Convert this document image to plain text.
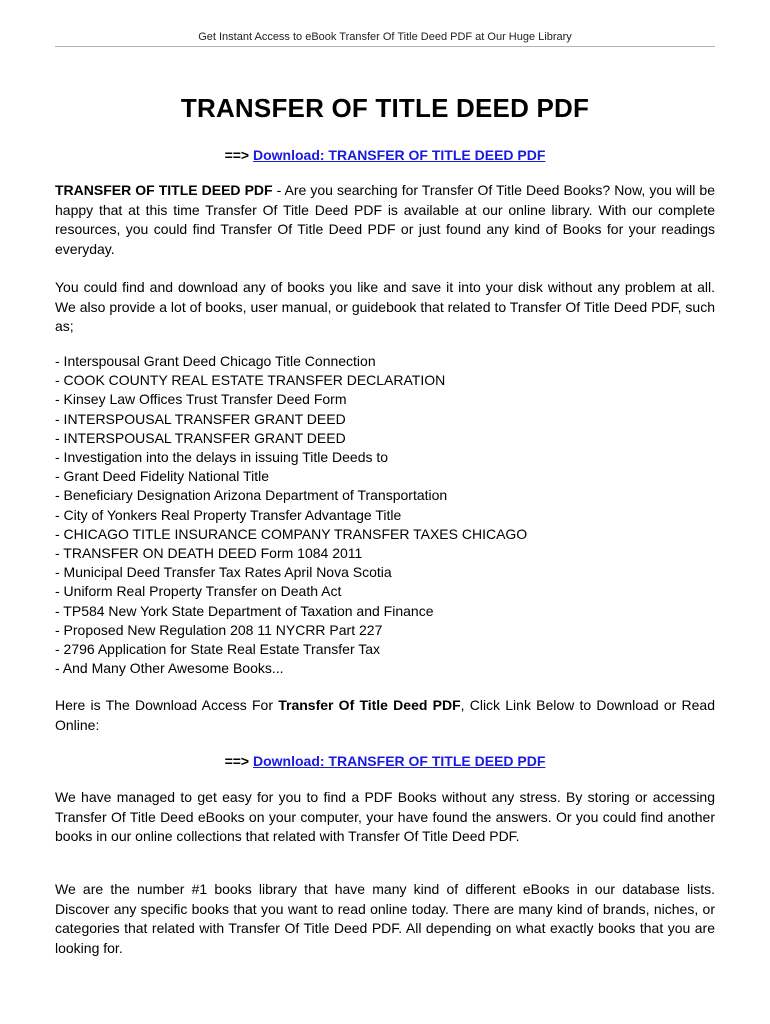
Get Instant Access to eBook Transfer Of Title Deed PDF at Our Huge Library
TRANSFER OF TITLE DEED PDF
==> Download: TRANSFER OF TITLE DEED PDF
TRANSFER OF TITLE DEED PDF - Are you searching for Transfer Of Title Deed Books? Now, you will be happy that at this time Transfer Of Title Deed PDF is available at our online library. With our complete resources, you could find Transfer Of Title Deed PDF or just found any kind of Books for your readings everyday.
You could find and download any of books you like and save it into your disk without any problem at all. We also provide a lot of books, user manual, or guidebook that related to Transfer Of Title Deed PDF, such as;
- Interspousal Grant Deed Chicago Title Connection
- COOK COUNTY REAL ESTATE TRANSFER DECLARATION
- Kinsey Law Offices Trust Transfer Deed Form
- INTERSPOUSAL TRANSFER GRANT DEED
- INTERSPOUSAL TRANSFER GRANT DEED
- Investigation into the delays in issuing Title Deeds to
- Grant Deed Fidelity National Title
- Beneficiary Designation Arizona Department of Transportation
- City of Yonkers Real Property Transfer Advantage Title
- CHICAGO TITLE INSURANCE COMPANY TRANSFER TAXES CHICAGO
- TRANSFER ON DEATH DEED Form 1084 2011
- Municipal Deed Transfer Tax Rates April Nova Scotia
- Uniform Real Property Transfer on Death Act
- TP584 New York State Department of Taxation and Finance
- Proposed New Regulation 208 11 NYCRR Part 227
- 2796 Application for State Real Estate Transfer Tax
- And Many Other Awesome Books...
Here is The Download Access For Transfer Of Title Deed PDF, Click Link Below to Download or Read Online:
==> Download: TRANSFER OF TITLE DEED PDF
We have managed to get easy for you to find a PDF Books without any stress. By storing or accessing Transfer Of Title Deed eBooks on your computer, your have found the answers. Or you could find another books in our online collections that related with Transfer Of Title Deed PDF.
We are the number #1 books library that have many kind of different eBooks in our database lists. Discover any specific books that you want to read online today. There are many kind of brands, niches, or categories that related with Transfer Of Title Deed PDF. All depending on what exactly books that you are looking for.
